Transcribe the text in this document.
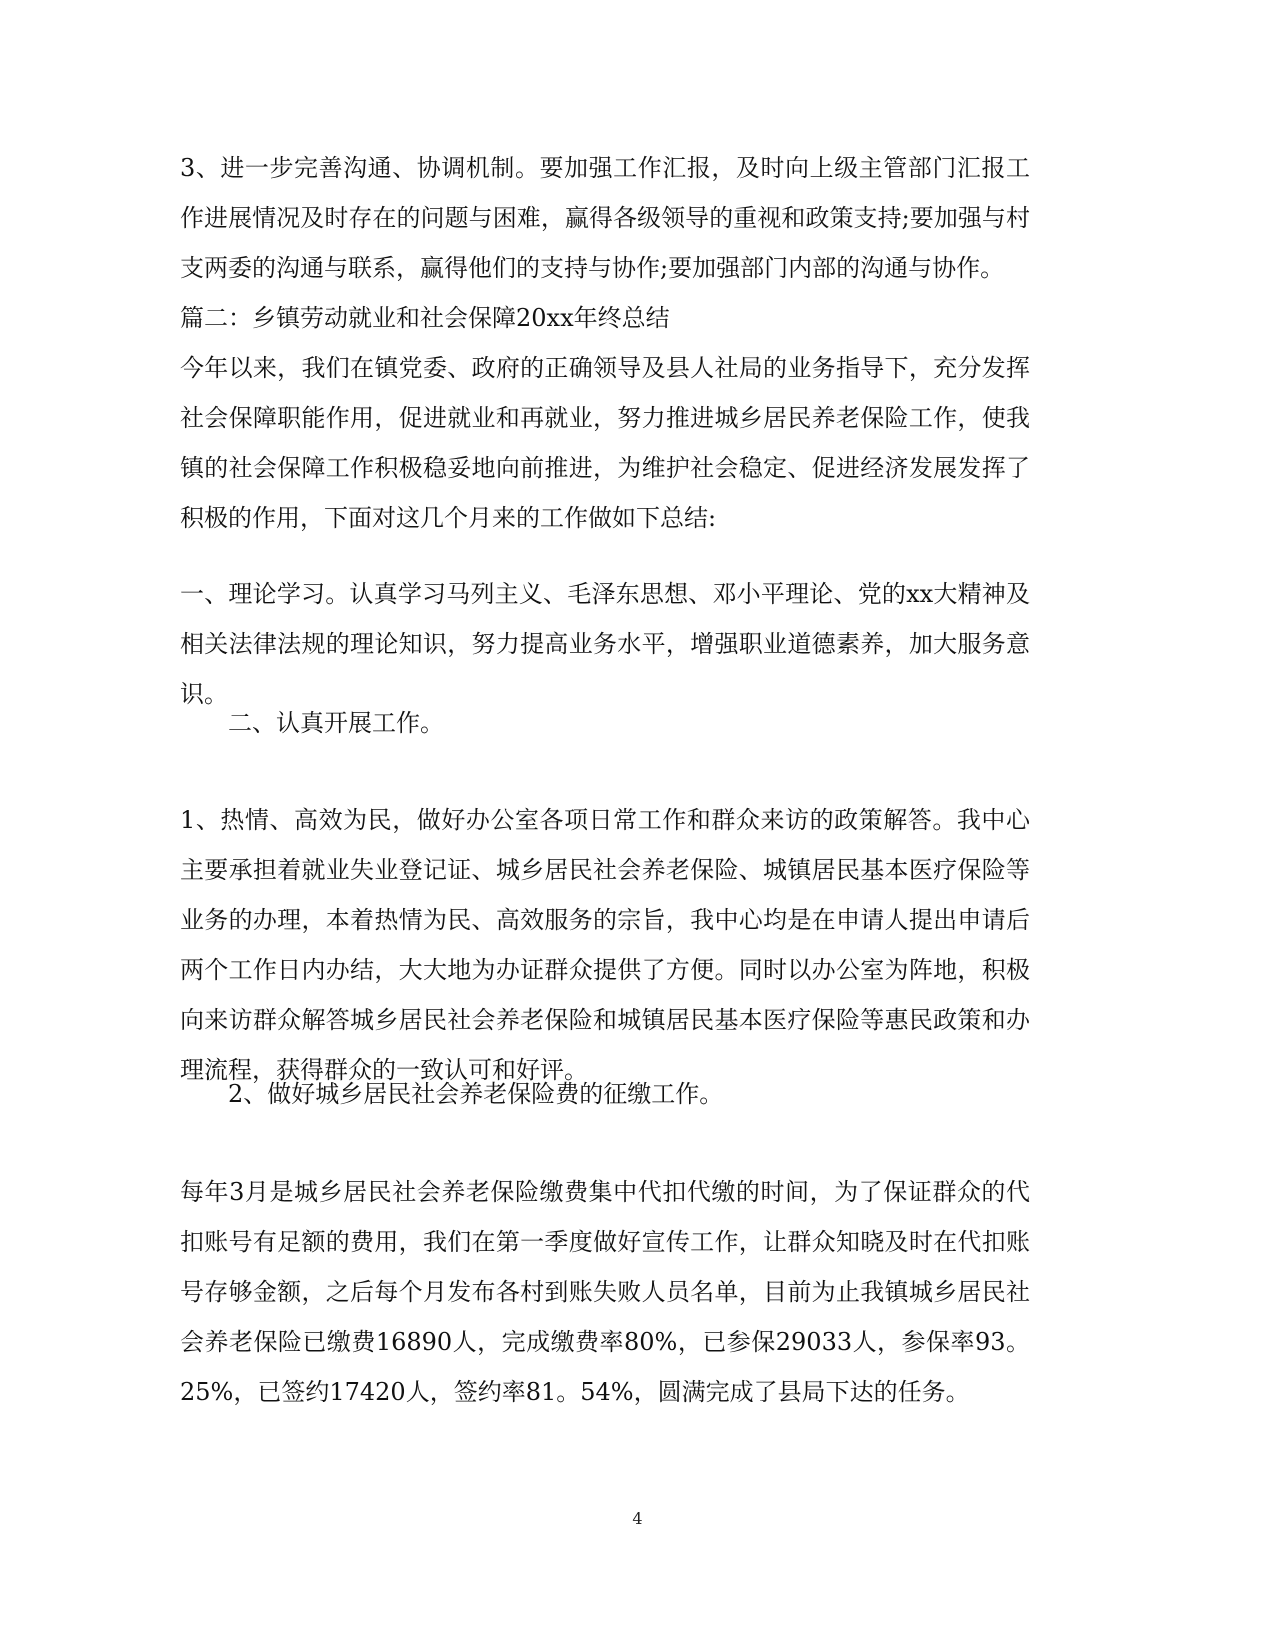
3、进一步完善沟通、协调机制。要加强工作汇报，及时向上级主管部门汇报工作进展情况及时存在的问题与困难，赢得各级领导的重视和政策支持;要加强与村支两委的沟通与联系，赢得他们的支持与协作;要加强部门内部的沟通与协作。

篇二：乡镇劳动就业和社会保障20xx年终总结

今年以来，我们在镇党委、政府的正确领导及县人社局的业务指导下，充分发挥社会保障职能作用，促进就业和再就业，努力推进城乡居民养老保险工作，使我镇的社会保障工作积极稳妥地向前推进，为维护社会稳定、促进经济发展发挥了积极的作用，下面对这几个月来的工作做如下总结:

一、理论学习。认真学习马列主义、毛泽东思想、邓小平理论、党的xx大精神及相关法律法规的理论知识，努力提高业务水平，增强职业道德素养，加大服务意识。

二、认真开展工作。

1、热情、高效为民，做好办公室各项日常工作和群众来访的政策解答。我中心主要承担着就业失业登记证、城乡居民社会养老保险、城镇居民基本医疗保险等业务的办理，本着热情为民、高效服务的宗旨，我中心均是在申请人提出申请后两个工作日内办结，大大地为办证群众提供了方便。同时以办公室为阵地，积极向来访群众解答城乡居民社会养老保险和城镇居民基本医疗保险等惠民政策和办理流程，获得群众的一致认可和好评。

2、做好城乡居民社会养老保险费的征缴工作。

每年3月是城乡居民社会养老保险缴费集中代扣代缴的时间，为了保证群众的代扣账号有足额的费用，我们在第一季度做好宣传工作，让群众知晓及时在代扣账号存够金额，之后每个月发布各村到账失败人员名单，目前为止我镇城乡居民社会养老保险已缴费16890人，完成缴费率80%，已参保29033人，参保率93。25%，已签约17420人，签约率81。54%，圆满完成了县局下达的任务。

4
